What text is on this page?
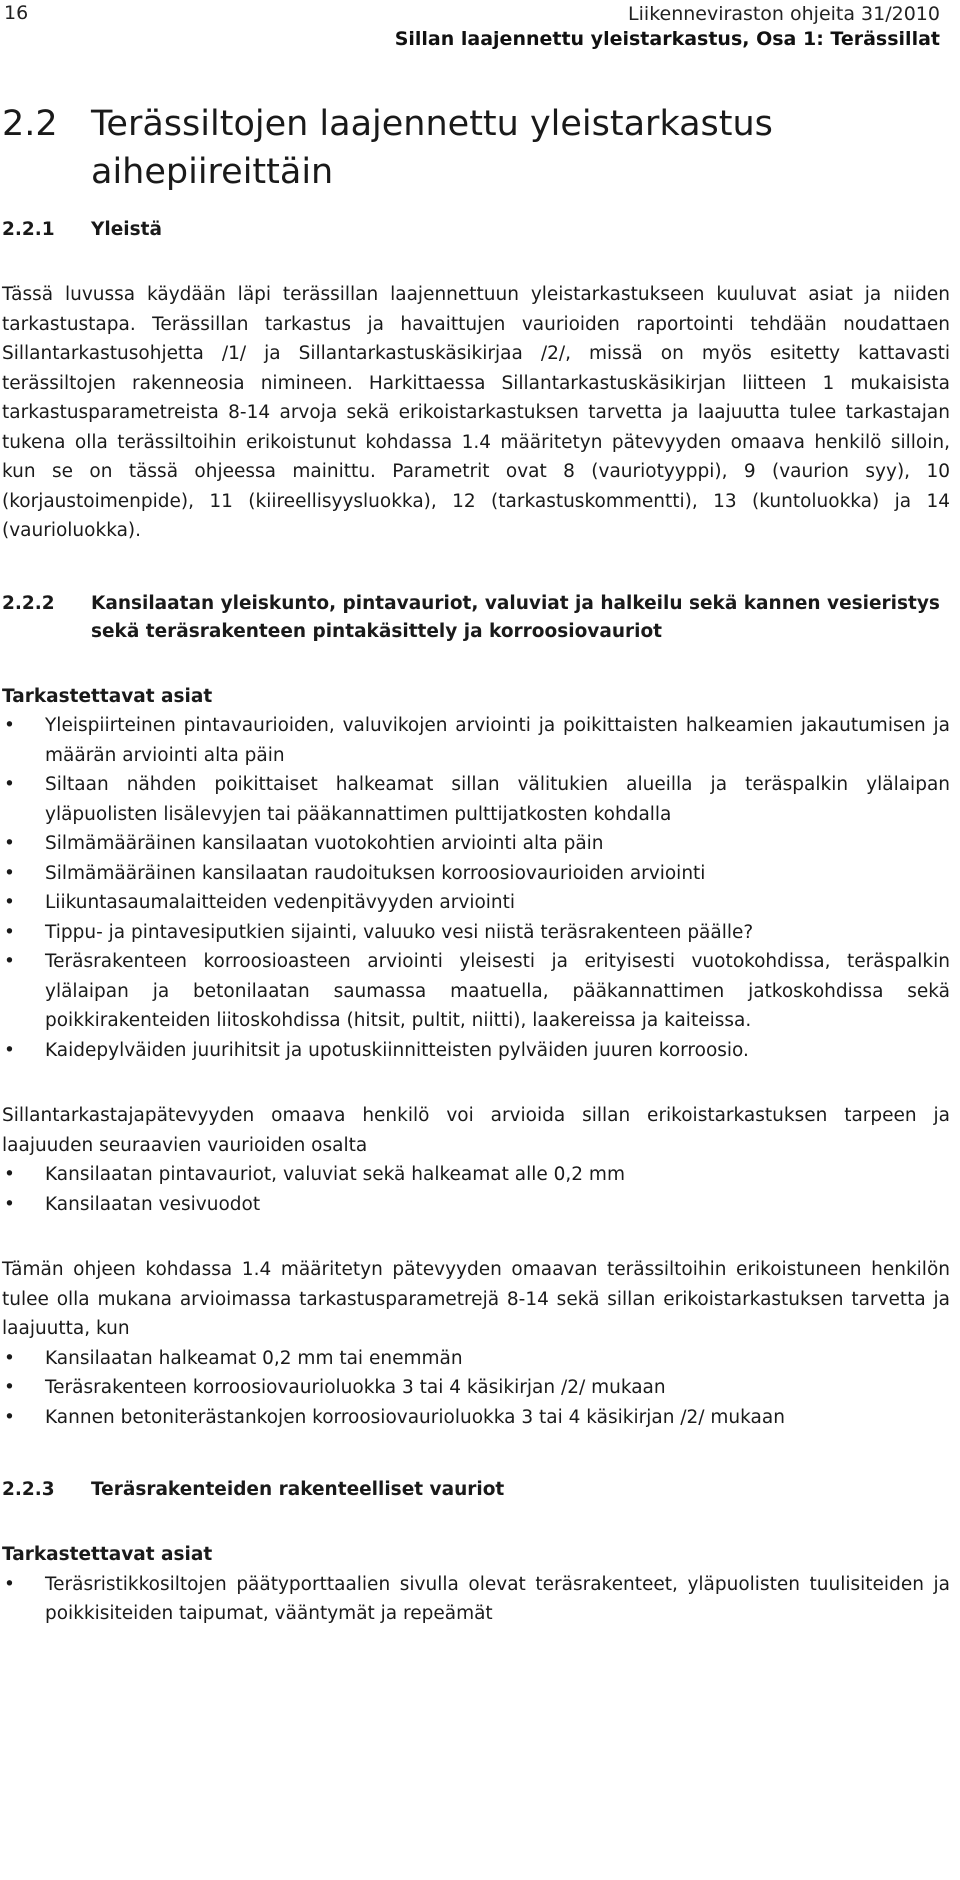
16	Liikenneviraston ohjeita 31/2010
Sillan laajennettu yleistarkastus, Osa 1: Terässillat
2.2 Terässiltojen laajennettu yleistarkastus aihepiireittäin
2.2.1 Yleistä

Tässä luvussa käydään läpi terässillan laajennettuun yleistarkastukseen kuuluvat asiat ja niiden tarkastustapa. Terässillan tarkastus ja havaittujen vaurioiden raportointi tehdään noudattaen Sillantarkastusohjetta /1/ ja Sillantarkastuskäsikirjaa /2/, missä on myös esitetty kattavasti terässiltojen rakenneosia nimineen. Harkittaessa Sillantarkastuskäsikirjan liitteen 1 mukaisista tarkastusparametreista 8-14 arvoja sekä erikoistarkastuksen tarvetta ja laajuutta tulee tarkastajan tukena olla terässiltoihin erikoistunut kohdassa 1.4 määritetyn pätevyyden omaava henkilö silloin, kun se on tässä ohjeessa mainittu. Parametrit ovat 8 (vauriotyyppi), 9 (vaurion syy), 10 (korjaustoimenpide), 11 (kiireellisyysluokka), 12 (tarkastuskommentti), 13 (kuntoluokka) ja 14 (vaurioluokka).

2.2.2 Kansilaatan yleiskunto, pintavauriot, valuviat ja halkeilu sekä kannen vesieristys sekä teräsrakenteen pintakäsittely ja korroosiovauriot
Tarkastettavat asiat
• Yleispiirteinen pintavaurioiden, valuvikojen arviointi ja poikittaisten halkeamien jakautumisen ja määrän arviointi alta päin
• Siltaan nähden poikittaiset halkeamat sillan välitukien alueilla ja teräspalkin ylälaipan yläpuolisten lisälevyjen tai pääkannattimen pulttijatkosten kohdalla
• Silmämääräinen kansilaatan vuotokohtien arviointi alta päin
• Silmämääräinen kansilaatan raudoituksen korroosiovaurioiden arviointi
• Liikuntasaumalaitteiden vedenpitävyyden arviointi
• Tippu- ja pintavesiputkien sijainti, valuuko vesi niistä teräsrakenteen päälle?
• Teräsrakenteen korroosioasteen arviointi yleisesti ja erityisesti vuotokohdissa, teräspalkin ylälaipan ja betonilaatan saumassa maatuella, pääkannattimen jatkoskohdissa sekä poikkirakenteiden liitoskohdissa (hitsit, pultit, niitti), laakereissa ja kaiteissa.
• Kaidepylväiden juurihitsit ja upotuskiinnitteisten pylväiden juuren korroosio.

Sillantarkastajapätevyyden omaava henkilö voi arvioida sillan erikoistarkastuksen tarpeen ja laajuuden seuraavien vaurioiden osalta

• Kansilaatan pintavauriot, valuviat sekä halkeamat alle 0,2 mm
• Kansilaatan vesivuodot

Tämän ohjeen kohdassa 1.4 määritetyn pätevyyden omaavan terässiltoihin erikoistuneen henkilön tulee olla mukana arvioimassa tarkastusparametrejä 8-14 sekä sillan erikoistarkastuksen tarvetta ja laajuutta, kun

• Kansilaatan halkeamat 0,2 mm tai enemmän
• Teräsrakenteen korroosiovaurioluokka 3 tai 4 käsikirjan /2/ mukaan
• Kannen betoniterästankojen korroosiovaurioluokka 3 tai 4 käsikirjan /2/ mukaan
2.2.3 Teräsrakenteiden rakenteelliset vauriot
Tarkastettavat asiat
• Teräsristikkosiltojen päätyporttaalien sivulla olevat teräsrakenteet, yläpuolisten tuulisiteiden ja poikkisiteiden taipumat, vääntymät ja repeämät
